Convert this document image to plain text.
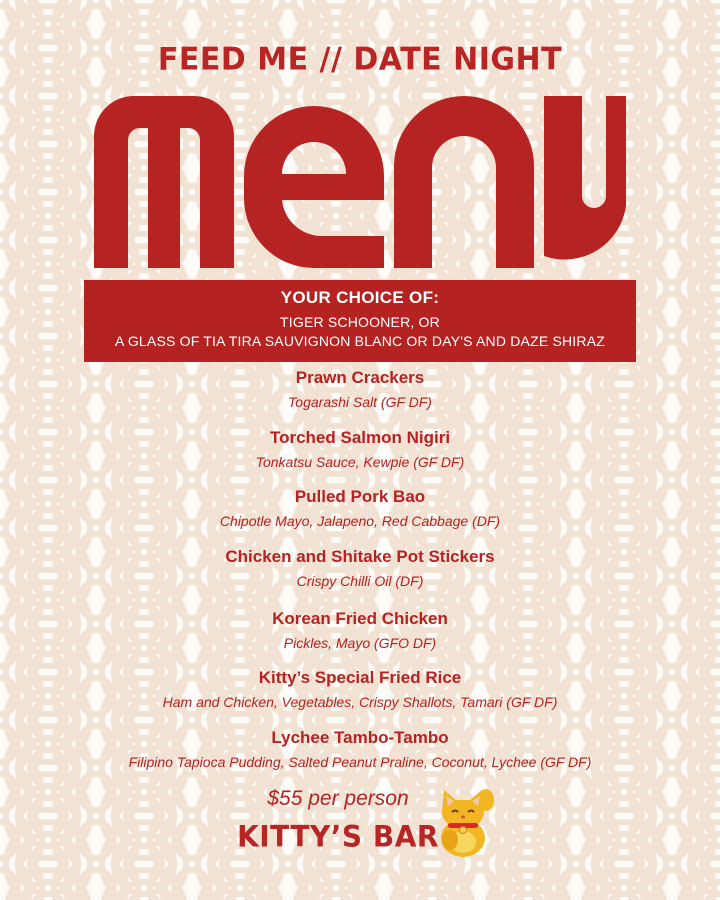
FEED ME // DATE NIGHT
YOUR CHOICE OF:
TIGER SCHOONER, OR
A GLASS OF TIA TIRA SAUVIGNON BLANC OR DAY'S AND DAZE SHIRAZ
Prawn Crackers
Togarashi Salt (GF DF)
Torched Salmon Nigiri
Tonkatsu Sauce, Kewpie (GF DF)
Pulled Pork Bao
Chipotle Mayo, Jalapeno, Red Cabbage (DF)
Chicken and Shitake Pot Stickers
Crispy Chilli Oil (DF)
Korean Fried Chicken
Pickles, Mayo (GFO DF)
Kitty’s Special Fried Rice
Ham and Chicken, Vegetables, Crispy Shallots, Tamari (GF DF)
Lychee Tambo-Tambo
Filipino Tapioca Pudding, Salted Peanut Praline, Coconut, Lychee (GF DF)
$55 per person
KITTY’S BAR
